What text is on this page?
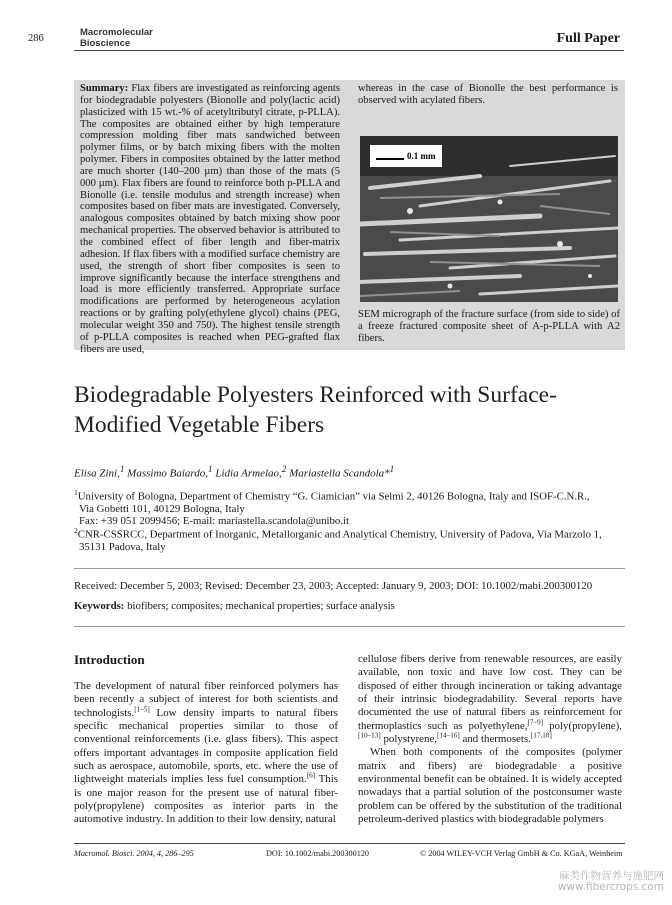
286
Macromolecular
Bioscience	Full Paper
Summary: Flax fibers are investigated as reinforcing agents for biodegradable polyesters (Bionolle and poly(lactic acid) plasticized with 15 wt.-% of acetyltributyl citrate, p-PLLA). The composites are obtained either by high temperature compression molding fiber mats sandwiched between polymer films, or by batch mixing fibers with the molten polymer. Fibers in composites obtained by the latter method are much shorter (140–200 µm) than those of the mats (5 000 µm). Flax fibers are found to reinforce both p-PLLA and Bionolle (i.e. tensile modulus and strength increase) when composites based on fiber mats are investigated. Conversely, analogous composites obtained by batch mixing show poor mechanical properties. The observed behavior is attributed to the combined effect of fiber length and fiber-matrix adhesion. If flax fibers with a modified surface chemistry are used, the strength of short fiber composites is seen to improve significantly because the interface strengthens and load is more efficiently transferred. Appropriate surface modifications are performed by heterogeneous acylation reactions or by grafting poly(ethylene glycol) chains (PEG, molecular weight 350 and 750). The highest tensile strength of p-PLLA composites is reached when PEG-grafted flax fibers are used,
whereas in the case of Bionolle the best performance is observed with acylated fibers.
0.1 mm
SEM micrograph of the fracture surface (from side to side) of a freeze fractured composite sheet of A-p-PLLA with A2 fibers.
Biodegradable Polyesters Reinforced with Surface-Modified Vegetable Fibers
Elisa Zini,$^1$ Massimo Baiardo,$^1$ Lidia Armelao,$^2$ Mariastella Scandola*$^1$
$^1$University of Bologna, Department of Chemistry “G. Ciamician” via Selmi 2, 40126 Bologna, Italy and ISOF-C.N.R.,
Via Gobetti 101, 40129 Bologna, Italy
Fax: +39 051 2099456; E-mail: mariastella.scandola@unibo.it
$^2$CNR-CSSRCC, Department of Inorganic, Metallorganic and Analytical Chemistry, University of Padova, Via Marzolo 1,
35131 Padova, Italy
Received: December 5, 2003; Revised: December 23, 2003; Accepted: January 9, 2003; DOI: 10.1002/mabi.200300120
Keywords: biofibers; composites; mechanical properties; surface analysis
Introduction

The development of natural fiber reinforced polymers has been recently a subject of interest for both scientists and technologists.[1–5] Low density imparts to natural fibers specific mechanical properties similar to those of conventional reinforcements (i.e. glass fibers). This aspect offers important advantages in composite application field such as aerospace, automobile, sports, etc. where the use of lightweight materials implies less fuel consumption.[6] This is one major reason for the present use of natural fiber-poly(propylene) composites as interior parts in the automotive industry. In addition to their low density, natural

cellulose fibers derive from renewable resources, are easily available, non toxic and have low cost. They can be disposed of either through incineration or taking advantage of their intrinsic biodegradability. Several reports have documented the use of natural fibers as reinforcement for thermoplastics such as polyethylene,[7–9] poly(propylene),[10–13] polystyrene,[14–16] and thermosets.[17,18]

When both components of the composites (polymer matrix and fibers) are biodegradable a positive environmental benefit can be obtained. It is widely accepted nowadays that a partial solution of the postconsumer waste problem can be offered by the substitution of the traditional petroleum-derived plastics with biodegradable polymers

Macromol. Biosci. 2004, 4, 286–295	DOI: 10.1002/mabi.200300120	© 2004 WILEY-VCH Verlag GmbH & Co. KGaA, Weinheim
麻类作物营养与施肥网
www.fibercrops.com
